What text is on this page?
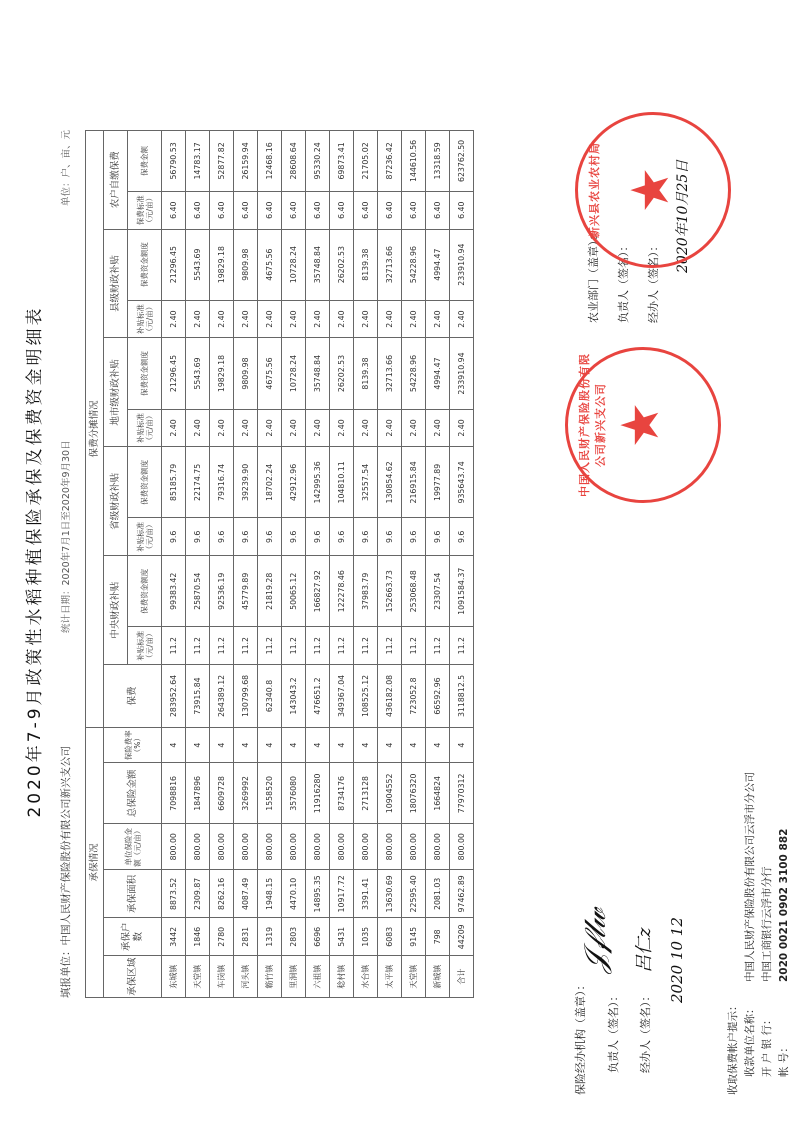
2020年7-9月政策性水稻种植保险承保及保费资金明细表
填报单位：中国人民财产保险股份有限公司新兴支公司
统计日期：2020年7月1日至2020年9月30日
单位：户、亩、元
承保情况						保费分摊情况										
承保区域	承保户数	承保面积	单位保险金额（元/亩）	总保险金额	保险费率（%）	保费	中央财政补贴		省级财政补贴		地市级财政补贴		县级财政补贴		农户自缴保费	
							补贴标准（元/亩）	保费资金额度	补贴标准（元/亩）	保费资金额度	补贴标准（元/亩）	保费资金额度	补贴标准（元/亩）	保费资金额度	保费标准（元/亩）	保费金额
东城镇	3442	8873.52	800.00	7098816	4	283952.64	11.2	99383.42	9.6	85185.79	2.40	21296.45	2.40	21296.45	6.40	56790.53
天堂镇	1846	2309.87	800.00	1847896	4	73915.84	11.2	25870.54	9.6	22174.75	2.40	5543.69	2.40	5543.69	6.40	14783.17
车岗镇	2780	8262.16	800.00	6609728	4	264389.12	11.2	92536.19	9.6	79316.74	2.40	19829.18	2.40	19829.18	6.40	52877.82
河头镇	2831	4087.49	800.00	3269992	4	130799.68	11.2	45779.89	9.6	39239.90	2.40	9809.98	2.40	9809.98	6.40	26159.94
簕竹镇	1319	1948.15	800.00	1558520	4	62340.8	11.2	21819.28	9.6	18702.24	2.40	4675.56	2.40	4675.56	6.40	12468.16
里洞镇	2803	4470.10	800.00	3576080	4	143043.2	11.2	50065.12	9.6	42912.96	2.40	10728.24	2.40	10728.24	6.40	28608.64
六祖镇	6696	14895.35	800.00	11916280	4	476651.2	11.2	166827.92	9.6	142995.36	2.40	35748.84	2.40	35748.84	6.40	95330.24
稔村镇	5431	10917.72	800.00	8734176	4	349367.04	11.2	122278.46	9.6	104810.11	2.40	26202.53	2.40	26202.53	6.40	69873.41
水台镇	1035	3391.41	800.00	2713128	4	108525.12	11.2	37983.79	9.6	32557.54	2.40	8139.38	2.40	8139.38	6.40	21705.02
太平镇	6083	13630.69	800.00	10904552	4	436182.08	11.2	152663.73	9.6	130854.62	2.40	32713.66	2.40	32713.66	6.40	87236.42
天堂镇	9145	22595.40	800.00	18076320	4	723052.8	11.2	253068.48	9.6	216915.84	2.40	54228.96	2.40	54228.96	6.40	144610.56
新城镇	798	2081.03	800.00	1664824	4	66592.96	11.2	23307.54	9.6	19977.89	2.40	4994.47	2.40	4994.47	6.40	13318.59
合计	44209	97462.89	800.00	77970312	4	3118812.5	11.2	1091584.37	9.6	935643.74	2.40	233910.94	2.40	233910.94	6.40	623762.50
保险经办机构（盖章）： 负责人（签名）： 经办人（签名）：
𝒥𝒻𝓁𝓌 呂仁z 2020 10 12
农业部门（盖章）： 负责人（签名）： 经办人（签名）：
2020年10月25日
中国人民财产保险股份有限公司新兴支公司 ★
新兴县农业农村局 ★
收取保费帐户提示： 收款单位名称：
中国人民财产保险股份有限公司云浮市分公司
开 户 银 行：
中国工商银行云浮市分行
帐 号：
2020 0021 0902 3100 882
